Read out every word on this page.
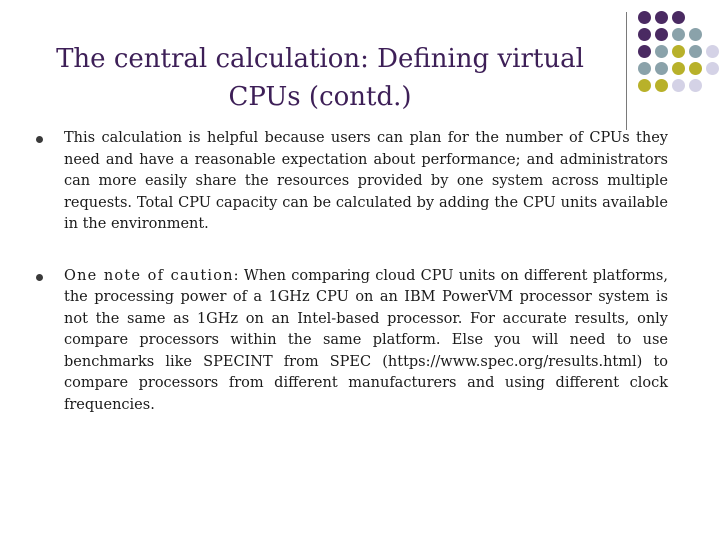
The central calculation: Defining virtual
CPUs (contd.)
This calculation is helpful because users can plan for the number of CPUs they need and have a reasonable expectation about performance; and administrators can more easily share the resources provided by one system across multiple requests. Total CPU capacity can be calculated by adding the CPU units available in the environment.
One note of caution: When comparing cloud CPU units on different platforms, the processing power of a 1GHz CPU on an IBM PowerVM processor system is not the same as 1GHz on an Intel-based processor. For accurate results, only compare processors within the same platform. Else you will need to use benchmarks like SPECINT from SPEC (https://www.spec.org/results.html) to compare processors from different manufacturers and using different clock frequencies.
